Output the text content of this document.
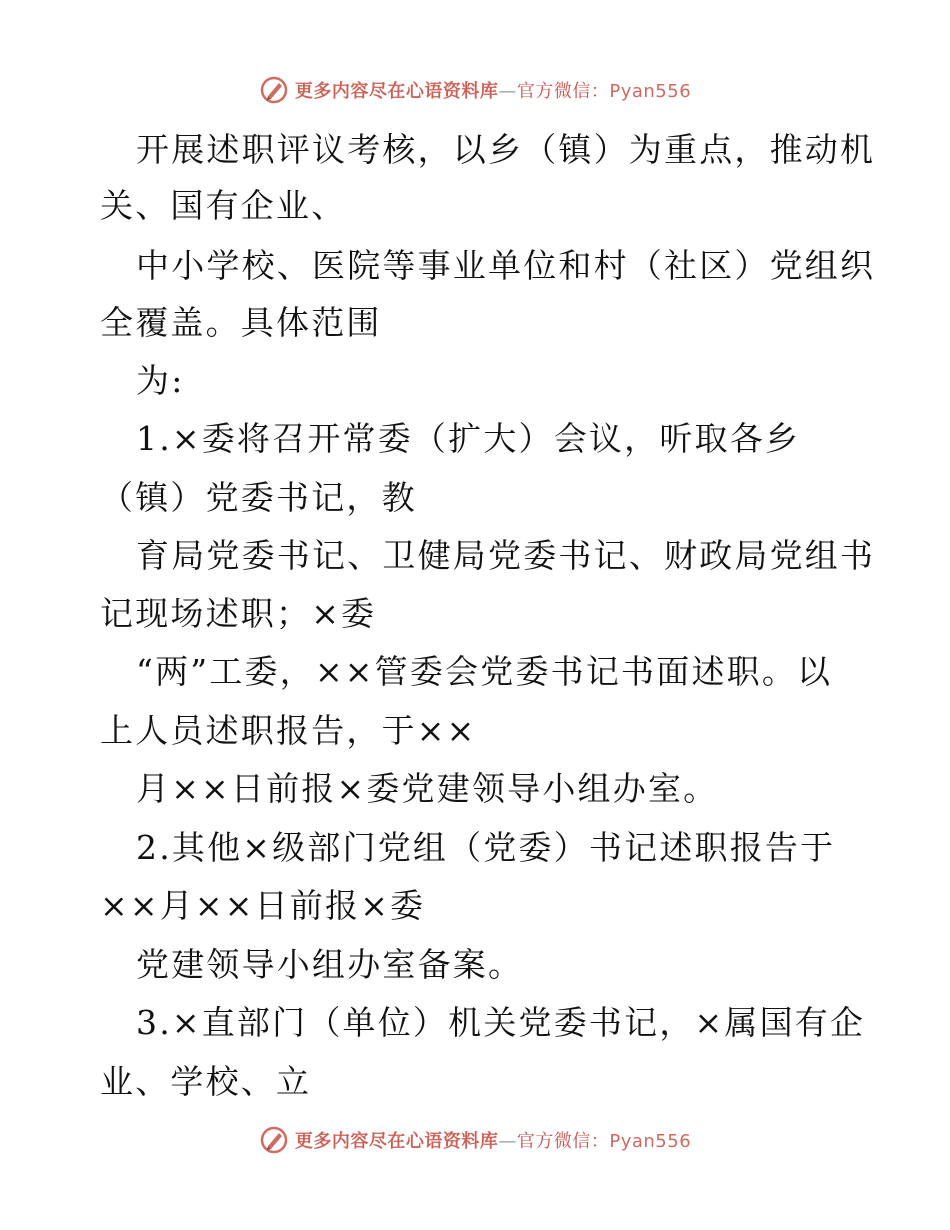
更多内容尽在心语资料库—官方微信：Pyan556
开展述职评议考核，以乡（镇）为重点，推动机
关、国有企业、
中小学校、医院等事业单位和村（社区）党组织
全覆盖。具体范围
为:
1.×委将召开常委（扩大）会议，听取各乡
（镇）党委书记，教
育局党委书记、卫健局党委书记、财政局党组书
记现场述职；×委
“两”工委，××管委会党委书记书面述职。以
上人员述职报告，于××
月××日前报×委党建领导小组办室。
2.其他×级部门党组（党委）书记述职报告于
××月××日前报×委
党建领导小组办室备案。
3.×直部门（单位）机关党委书记，×属国有企
业、学校、立
更多内容尽在心语资料库—官方微信：Pyan556
